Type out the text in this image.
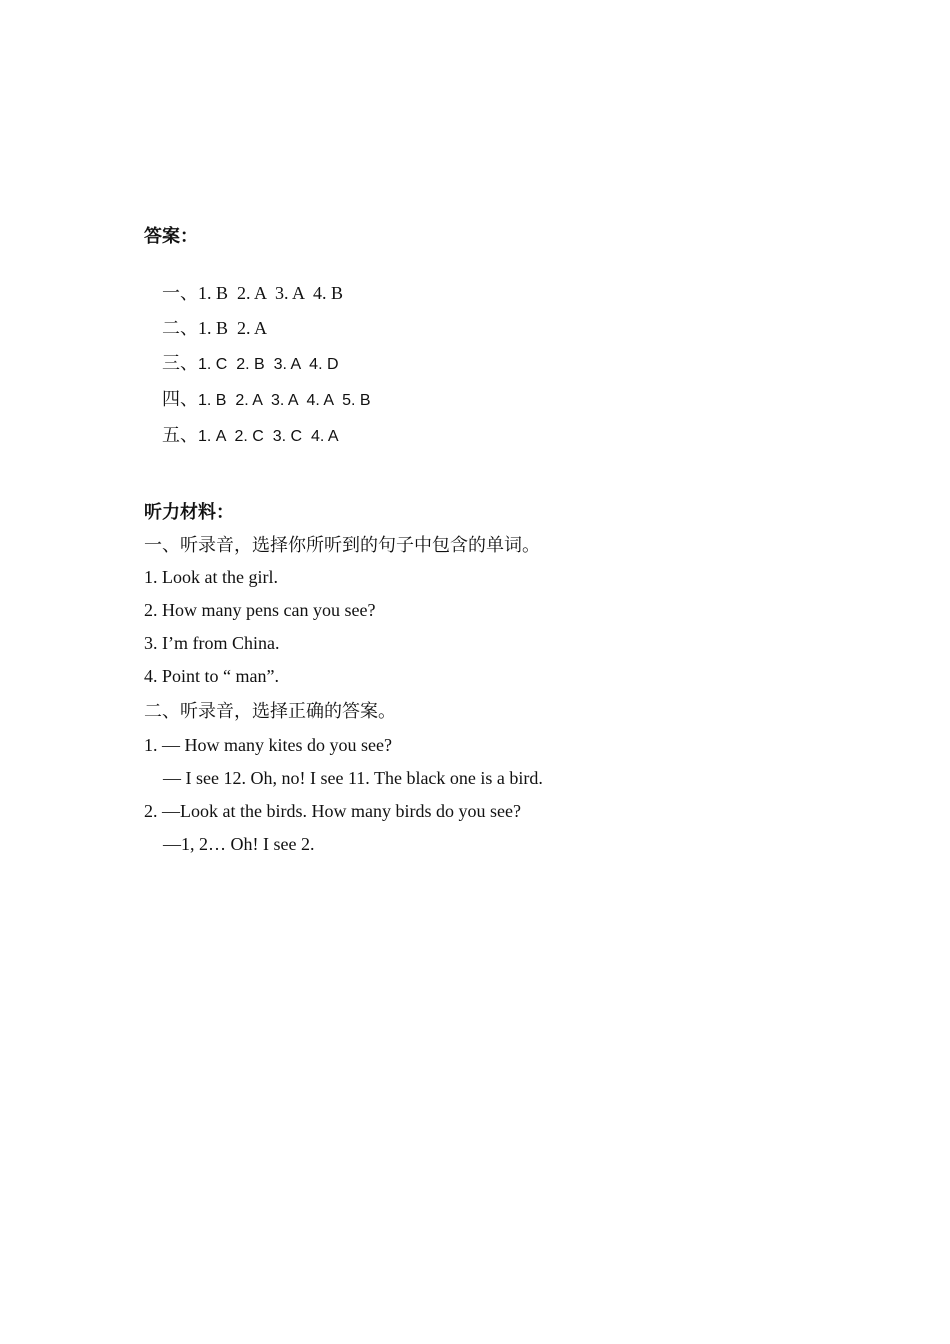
答案：

一、1. B  2. A  3. A  4. B

二、1. B  2. A

三、1. C  2. B  3. A  4. D

四、1. B  2. A  3. A  4. A  5. B

五、1. A  2. C  3. C  4. A

听力材料：
一、听录音，选择你所听到的句子中包含的单词。
1. Look at the girl.
2. How many pens can you see?
3. I’m from China.
4. Point to “ man”.
二、听录音，选择正确的答案。
1. — How many kites do you see?
— I see 12. Oh, no! I see 11. The black one is a bird.
2. —Look at the birds. How many birds do you see?
—1, 2… Oh! I see 2.
